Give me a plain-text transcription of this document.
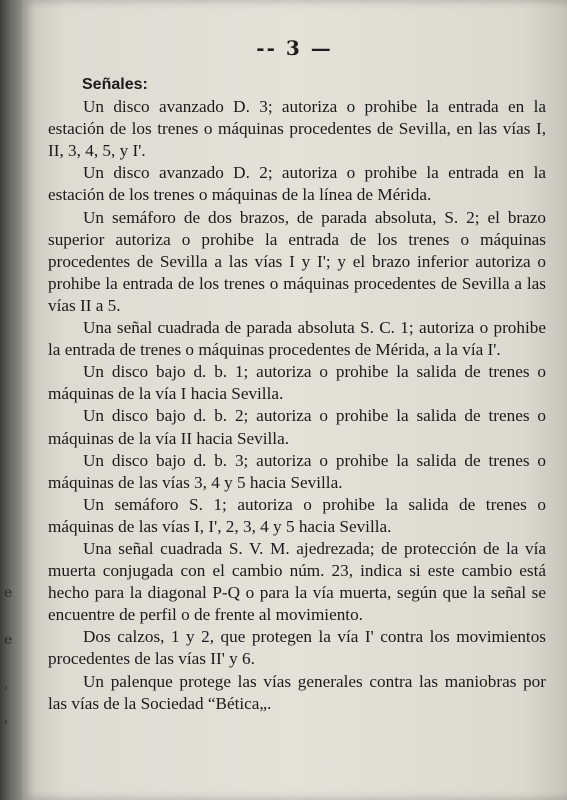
-- 3 —
Señales:

Un disco avanzado D. 3; autoriza o prohibe la entrada en la estación de los trenes o máquinas procedentes de Sevilla, en las vías I, II, 3, 4, 5, y I'.

Un disco avanzado D. 2; autoriza o prohibe la entrada en la estación de los trenes o máquinas de la línea de Mérida.

Un semáforo de dos brazos, de parada absoluta, S. 2; el brazo superior autoriza o prohibe la entrada de los trenes o máquinas procedentes de Sevilla a las vías I y I'; y el brazo inferior autoriza o prohibe la entrada de los trenes o máquinas procedentes de Sevilla a las vías II a 5.

Una señal cuadrada de parada absoluta S. C. 1; autoriza o prohibe la entrada de trenes o máquinas procedentes de Mérida, a la vía I'.

Un disco bajo d. b. 1; autoriza o prohibe la salida de trenes o máquinas de la vía I hacia Sevilla.

Un disco bajo d. b. 2; autoriza o prohibe la salida de trenes o máquinas de la vía II hacia Sevilla.

Un disco bajo d. b. 3; autoriza o prohibe la salida de trenes o máquinas de las vías 3, 4 y 5 hacia Sevilla.

Un semáforo S. 1; autoriza o prohibe la salida de trenes o máquinas de las vías I, I', 2, 3, 4 y 5 hacia Sevilla.

Una señal cuadrada S. V. M. ajedrezada; de protección de la vía muerta conjugada con el cambio núm. 23, indica si este cambio está hecho para la diagonal P-Q o para la vía muerta, según que la señal se encuentre de perfil o de frente al movimiento.

Dos calzos, 1 y 2, que protegen la vía I' contra los movimientos procedentes de las vías II' y 6.

Un palenque protege las vías generales contra las maniobras por las vías de la Sociedad “Bética„.

e
e
,
,
